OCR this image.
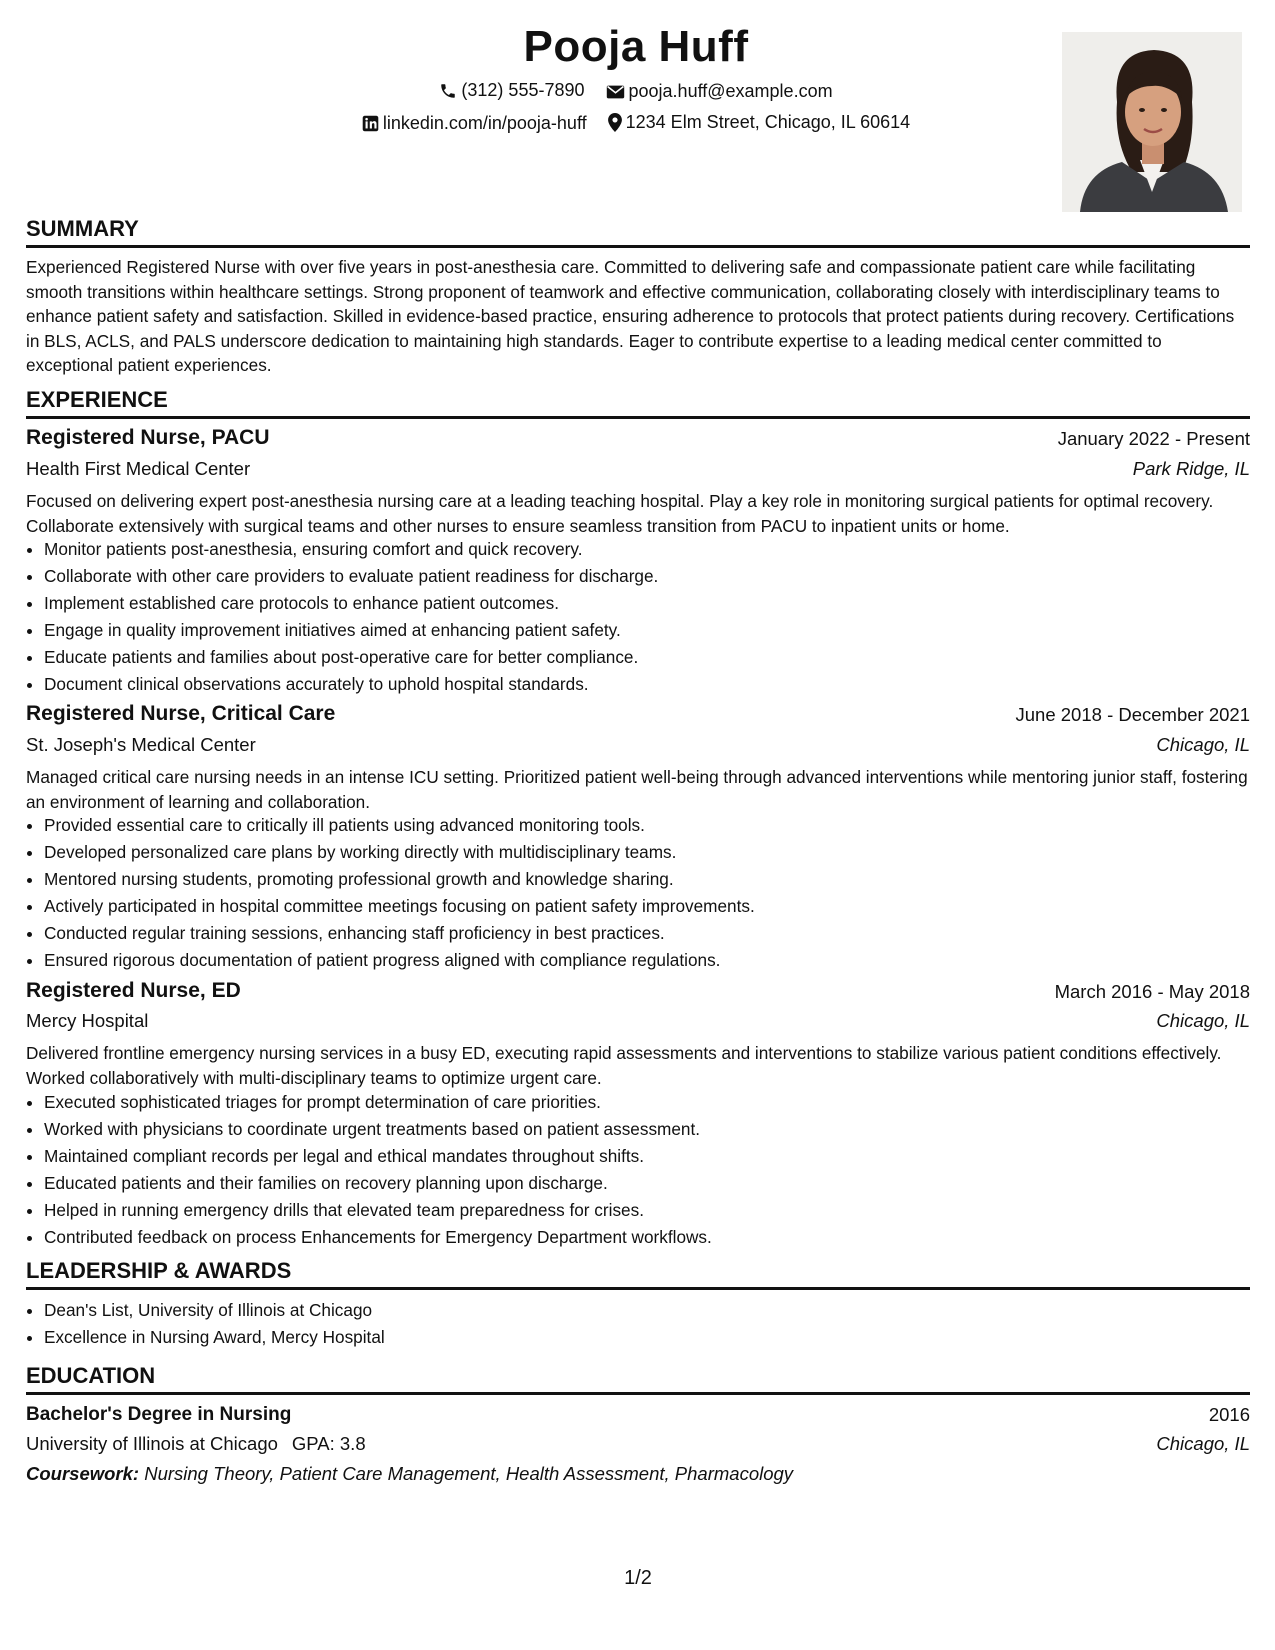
Pooja Huff
(312) 555-7890
pooja.huff@example.com
linkedin.com/in/pooja-huff
1234 Elm Street, Chicago, IL 60614
SUMMARY
Experienced Registered Nurse with over five years in post-anesthesia care. Committed to delivering safe and compassionate patient care while facilitating smooth transitions within healthcare settings. Strong proponent of teamwork and effective communication, collaborating closely with interdisciplinary teams to enhance patient safety and satisfaction. Skilled in evidence-based practice, ensuring adherence to protocols that protect patients during recovery. Certifications in BLS, ACLS, and PALS underscore dedication to maintaining high standards. Eager to contribute expertise to a leading medical center committed to exceptional patient experiences.
EXPERIENCE
Registered Nurse, PACU	January 2022 - Present
Health First Medical Center	Park Ridge, IL
Focused on delivering expert post-anesthesia nursing care at a leading teaching hospital. Play a key role in monitoring surgical patients for optimal recovery. Collaborate extensively with surgical teams and other nurses to ensure seamless transition from PACU to inpatient units or home.
• Monitor patients post-anesthesia, ensuring comfort and quick recovery.
• Collaborate with other care providers to evaluate patient readiness for discharge.
• Implement established care protocols to enhance patient outcomes.
• Engage in quality improvement initiatives aimed at enhancing patient safety.
• Educate patients and families about post-operative care for better compliance.
• Document clinical observations accurately to uphold hospital standards.
Registered Nurse, Critical Care	June 2018 - December 2021
St. Joseph's Medical Center	Chicago, IL
Managed critical care nursing needs in an intense ICU setting. Prioritized patient well-being through advanced interventions while mentoring junior staff, fostering an environment of learning and collaboration.
• Provided essential care to critically ill patients using advanced monitoring tools.
• Developed personalized care plans by working directly with multidisciplinary teams.
• Mentored nursing students, promoting professional growth and knowledge sharing.
• Actively participated in hospital committee meetings focusing on patient safety improvements.
• Conducted regular training sessions, enhancing staff proficiency in best practices.
• Ensured rigorous documentation of patient progress aligned with compliance regulations.
Registered Nurse, ED	March 2016 - May 2018
Mercy Hospital	Chicago, IL
Delivered frontline emergency nursing services in a busy ED, executing rapid assessments and interventions to stabilize various patient conditions effectively. Worked collaboratively with multi-disciplinary teams to optimize urgent care.
• Executed sophisticated triages for prompt determination of care priorities.
• Worked with physicians to coordinate urgent treatments based on patient assessment.
• Maintained compliant records per legal and ethical mandates throughout shifts.
• Educated patients and their families on recovery planning upon discharge.
• Helped in running emergency drills that elevated team preparedness for crises.
• Contributed feedback on process Enhancements for Emergency Department workflows.
LEADERSHIP & AWARDS
• Dean's List, University of Illinois at Chicago
• Excellence in Nursing Award, Mercy Hospital
EDUCATION
Bachelor's Degree in Nursing	2016
University of Illinois at Chicago GPA: 3.8	Chicago, IL
Coursework: Nursing Theory, Patient Care Management, Health Assessment, Pharmacology
1/2
